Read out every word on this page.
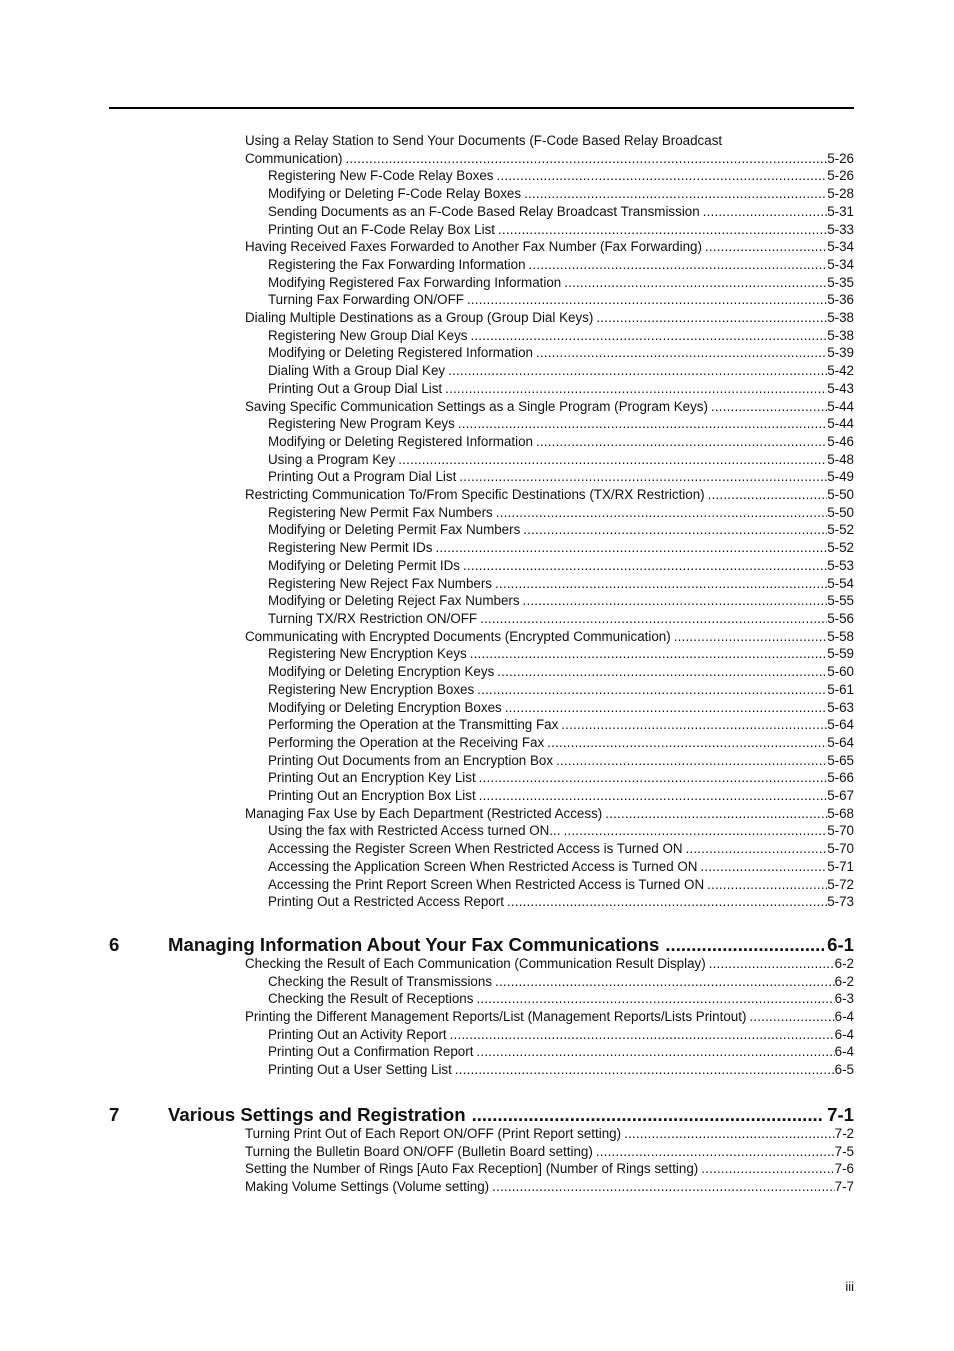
Using a Relay Station to Send Your Documents (F-Code Based Relay Broadcast
Communication) .....	5-26
Registering New F-Code Relay Boxes .....	5-26
Modifying or Deleting F-Code Relay Boxes .....	5-28
Sending Documents as an F-Code Based Relay Broadcast Transmission .....	5-31
Printing Out an F-Code Relay Box List .....	5-33
Having Received Faxes Forwarded to Another Fax Number (Fax Forwarding) .....	5-34
Registering the Fax Forwarding Information .....	5-34
Modifying Registered Fax Forwarding Information .....	5-35
Turning Fax Forwarding ON/OFF .....	5-36
Dialing Multiple Destinations as a Group (Group Dial Keys) .....	5-38
Registering New Group Dial Keys .....	5-38
Modifying or Deleting Registered Information .....	5-39
Dialing With a Group Dial Key .....	5-42
Printing Out a Group Dial List .....	5-43
Saving Specific Communication Settings as a Single Program (Program Keys) .....	5-44
Registering New Program Keys .....	5-44
Modifying or Deleting Registered Information .....	5-46
Using a Program Key .....	5-48
Printing Out a Program Dial List .....	5-49
Restricting Communication To/From Specific Destinations (TX/RX Restriction) .....	5-50
Registering New Permit Fax Numbers .....	5-50
Modifying or Deleting Permit Fax Numbers .....	5-52
Registering New Permit IDs .....	5-52
Modifying or Deleting Permit IDs .....	5-53
Registering New Reject Fax Numbers .....	5-54
Modifying or Deleting Reject Fax Numbers .....	5-55
Turning TX/RX Restriction ON/OFF .....	5-56
Communicating with Encrypted Documents (Encrypted Communication) .....	5-58
Registering New Encryption Keys .....	5-59
Modifying or Deleting Encryption Keys .....	5-60
Registering New Encryption Boxes .....	5-61
Modifying or Deleting Encryption Boxes .....	5-63
Performing the Operation at the Transmitting Fax .....	5-64
Performing the Operation at the Receiving Fax .....	5-64
Printing Out Documents from an Encryption Box .....	5-65
Printing Out an Encryption Key List .....	5-66
Printing Out an Encryption Box List .....	5-67
Managing Fax Use by Each Department (Restricted Access) .....	5-68
Using the fax with Restricted Access turned ON... .....	5-70
Accessing the Register Screen When Restricted Access is Turned ON .....	5-70
Accessing the Application Screen When Restricted Access is Turned ON .....	5-71
Accessing the Print Report Screen When Restricted Access is Turned ON .....	5-72
Printing Out a Restricted Access Report .....	5-73
6	Managing Information About Your Fax Communications .....	6-1
Checking the Result of Each Communication (Communication Result Display) .....	6-2
Checking the Result of Transmissions .....	6-2
Checking the Result of Receptions .....	6-3
Printing the Different Management Reports/List (Management Reports/Lists Printout) .....	6-4
Printing Out an Activity Report .....	6-4
Printing Out a Confirmation Report .....	6-4
Printing Out a User Setting List .....	6-5
7	Various Settings and Registration .....	7-1
Turning Print Out of Each Report ON/OFF (Print Report setting) .....	7-2
Turning the Bulletin Board ON/OFF (Bulletin Board setting) .....	7-5
Setting the Number of Rings [Auto Fax Reception] (Number of Rings setting) .....	7-6
Making Volume Settings (Volume setting) .....	7-7
iii
